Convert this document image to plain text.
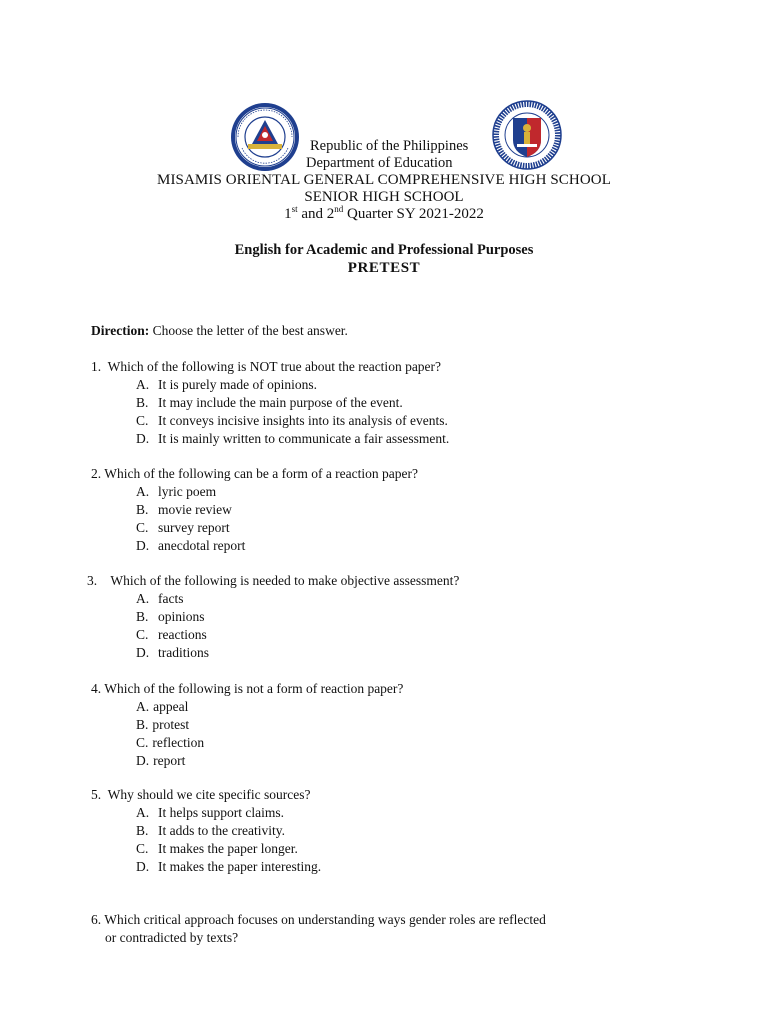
Republic of the Philippines
Department of Education
MISAMIS ORIENTAL GENERAL COMPREHENSIVE HIGH SCHOOL
SENIOR HIGH SCHOOL
1st and 2nd Quarter SY 2021-2022
English for Academic and Professional Purposes
PRETEST
Direction: Choose the letter of the best answer.
1. Which of the following is NOT true about the reaction paper?
A. It is purely made of opinions.
B. It may include the main purpose of the event.
C. It conveys incisive insights into its analysis of events.
D. It is mainly written to communicate a fair assessment.
2. Which of the following can be a form of a reaction paper?
A. lyric poem
B. movie review
C. survey report
D. anecdotal report
3. Which of the following is needed to make objective assessment?
A. facts
B. opinions
C. reactions
D. traditions
4. Which of the following is not a form of reaction paper?
A. appeal
B. protest
C. reflection
D. report
5. Why should we cite specific sources?
A. It helps support claims.
B. It adds to the creativity.
C. It makes the paper longer.
D. It makes the paper interesting.
6. Which critical approach focuses on understanding ways gender roles are reflected
or contradicted by texts?
